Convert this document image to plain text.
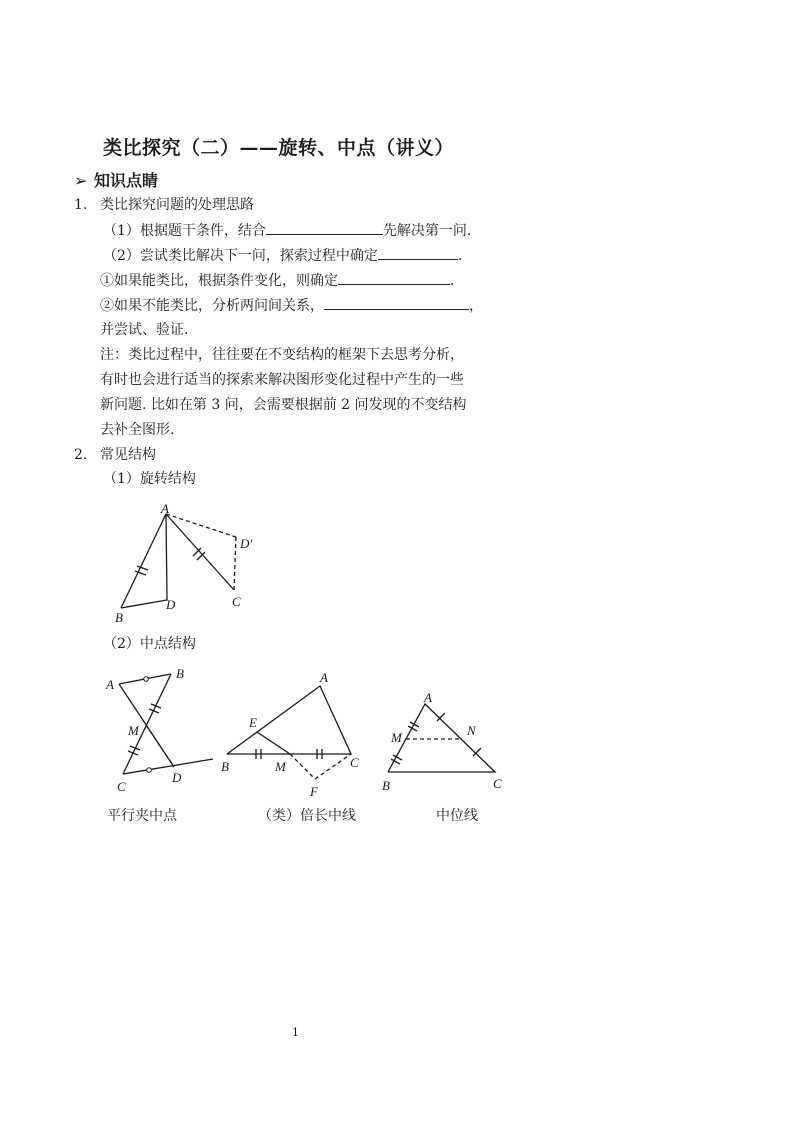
类比探究（二）——旋转、中点（讲义）
➢ 知识点睛
1. 类比探究问题的处理思路
（1）根据题干条件，结合	先解决第一问.
（2）尝试类比解决下一问，探索过程中确定	.
①如果能类比，根据条件变化，则确定	.
②如果不能类比，分析两问间关系，	，
并尝试、验证.
注：类比过程中，往往要在不变结构的框架下去思考分析，
有时也会进行适当的探索来解决图形变化过程中产生的一些
新问题. 比如在第 3 问，会需要根据前 2 问发现的不变结构
去补全图形.
2. 常见结构
（1）旋转结构
A
B
D	C
D′
（2）中点结构
A
B
M
C
D
A
E
B	M	C
F
A
M	N
B	C
平行夹中点	（类）倍长中线	中位线
1
